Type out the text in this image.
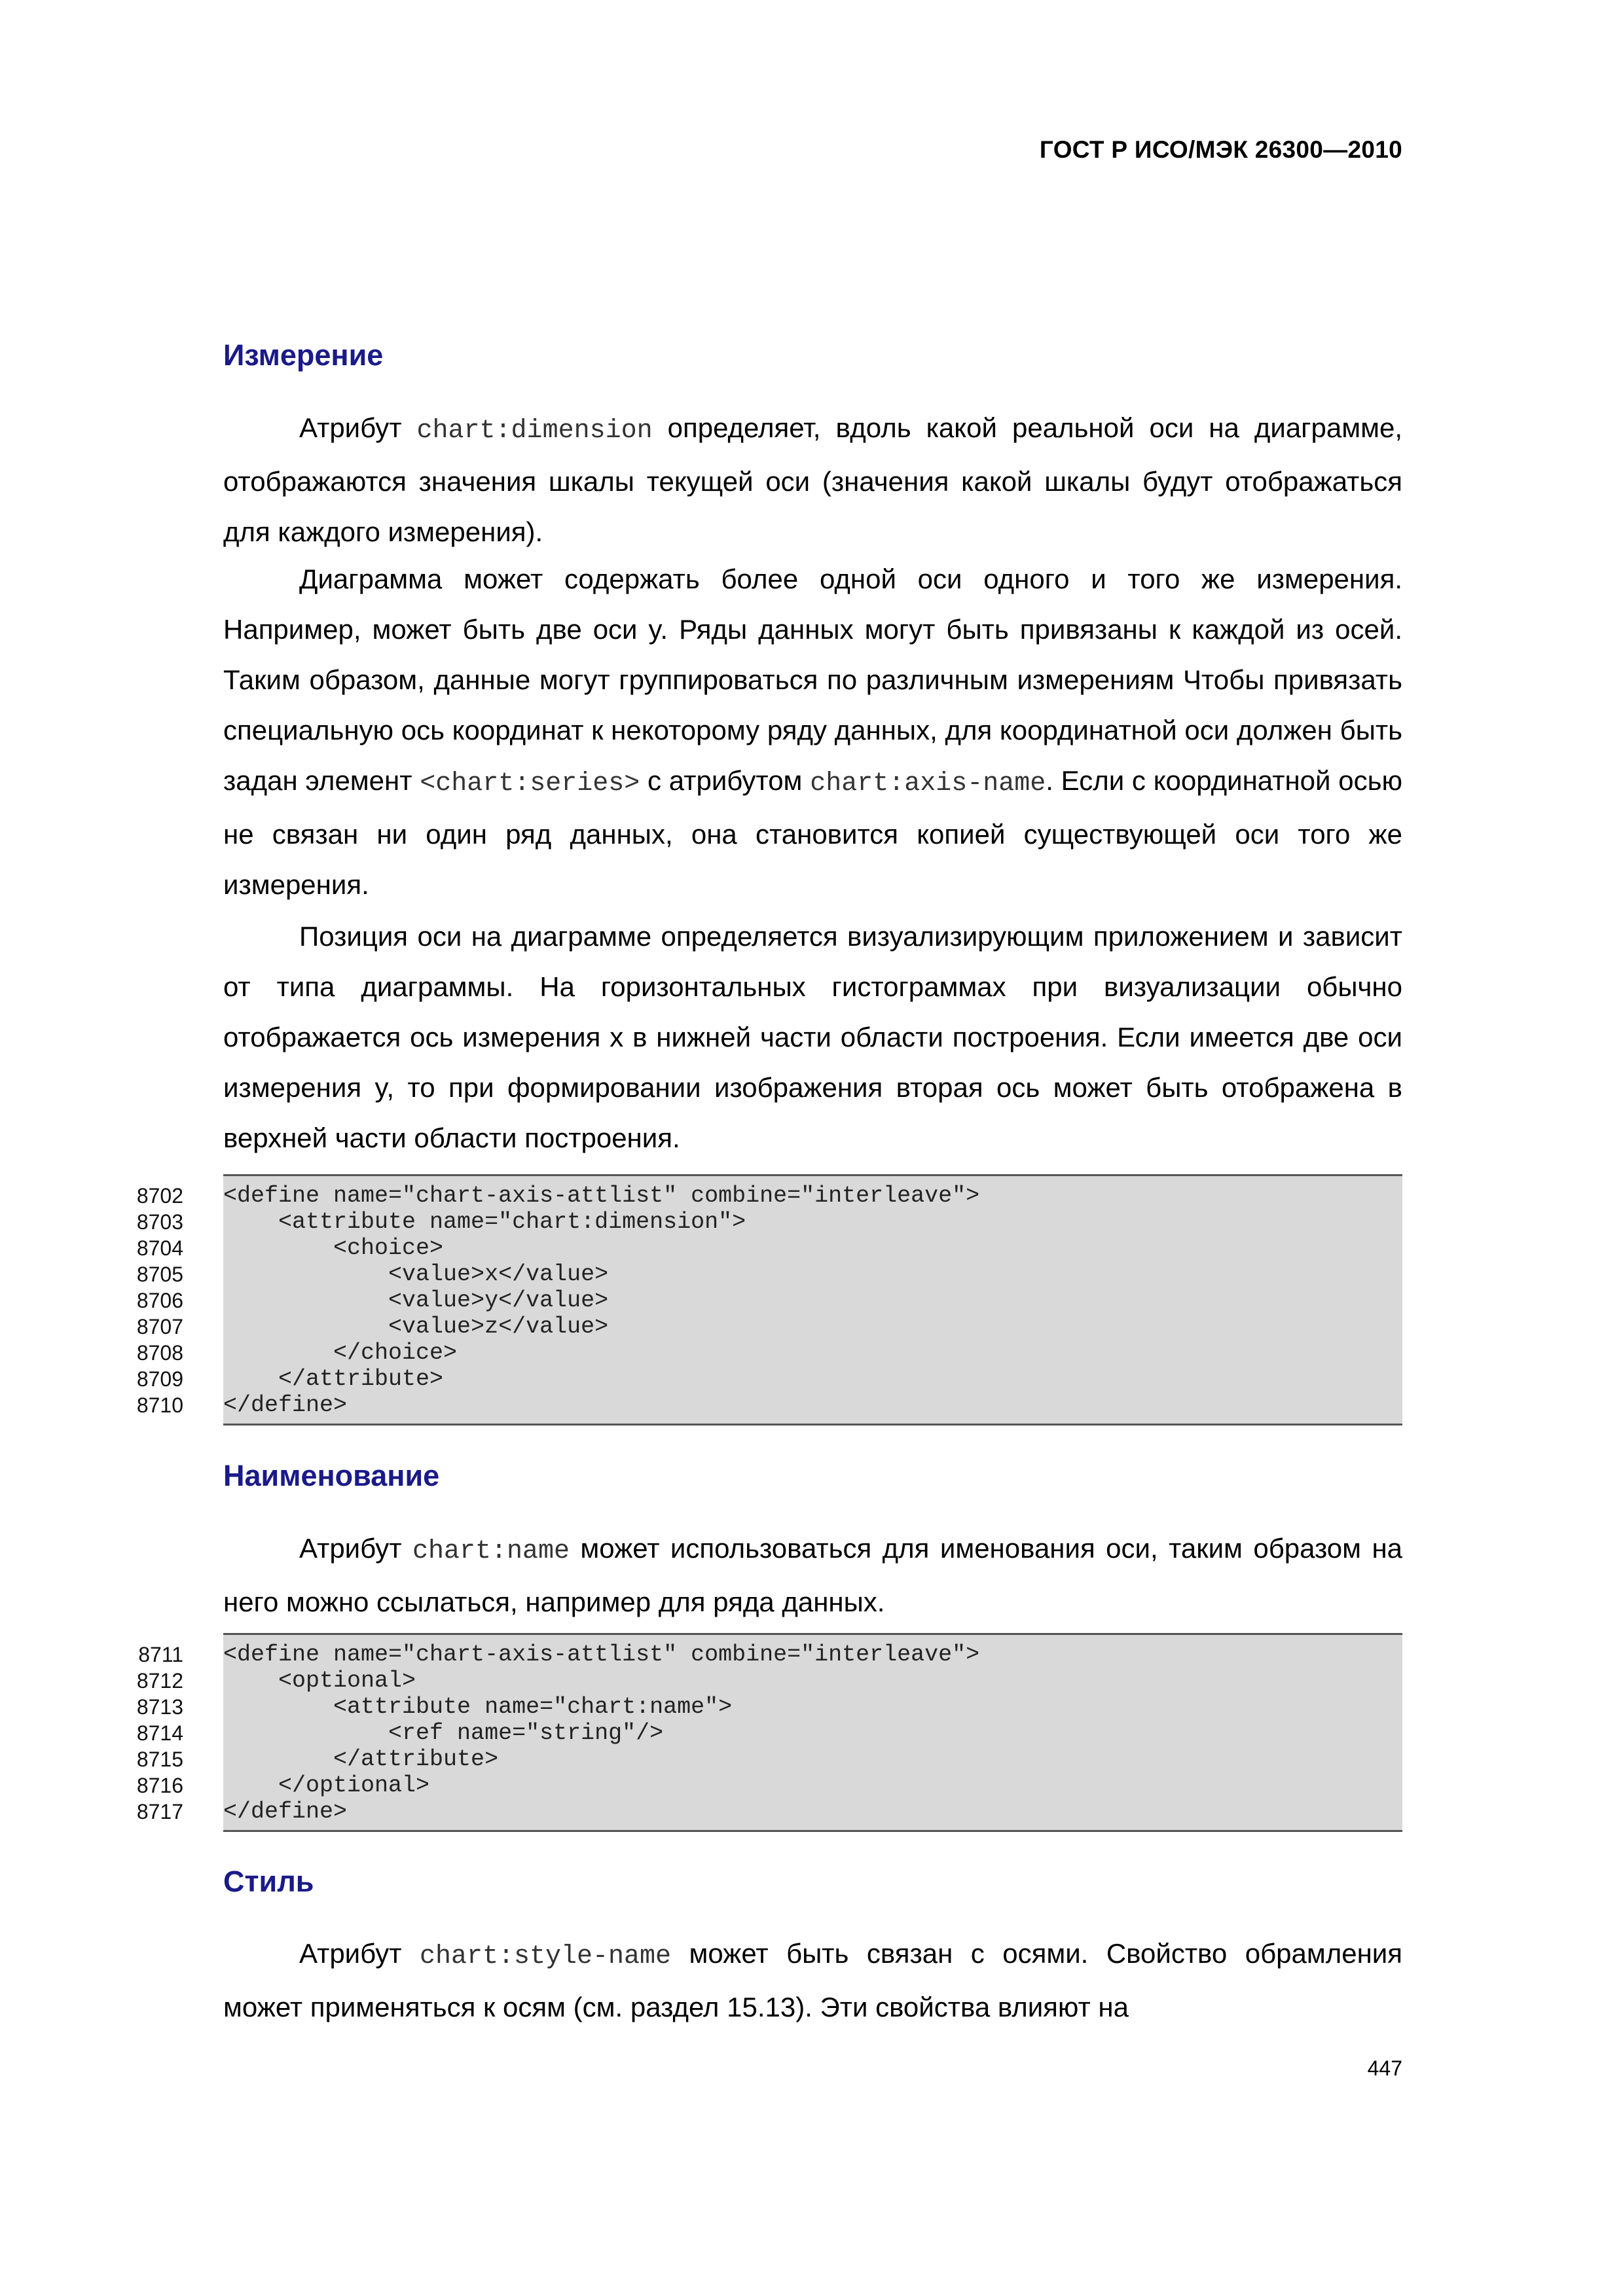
ГОСТ Р ИСО/МЭК 26300—2010
Измерение

Атрибут chart:dimension определяет, вдоль какой реальной оси на диаграмме, отображаются значения шкалы текущей оси (значения какой шкалы будут отображаться для каждого измерения).

Диаграмма может содержать более одной оси одного и того же измерения. Например, может быть две оси y. Ряды данных могут быть привязаны к каждой из осей. Таким образом, данные могут группироваться по различным измерениям Чтобы привязать специальную ось координат к некоторому ряду данных, для координатной оси должен быть задан элемент <chart:series> с атрибутом chart:axis-name. Если с координатной осью не связан ни один ряд данных, она становится копией существующей оси того же измерения.

Позиция оси на диаграмме определяется визуализирующим приложением и зависит от типа диаграммы. На горизонтальных гистограммах при визуализации обычно отображается ось измерения x в нижней части области построения. Если имеется две оси измерения y, то при формировании изображения вторая ось может быть отображена в верхней части области построения.

8702
8703
8704
8705
8706
8707
8708
8709
8710
<define name="chart-axis-attlist" combine="interleave">
<attribute name="chart:dimension">
<choice>
<value>x</value>
<value>y</value>
<value>z</value>
</choice>
</attribute>
</define>
Наименование

Атрибут chart:name может использоваться для именования оси, таким образом на него можно ссылаться, например для ряда данных.

8711
8712
8713
8714
8715
8716
8717
<define name="chart-axis-attlist" combine="interleave">
<optional>
<attribute name="chart:name">
<ref name="string"/>
</attribute>
</optional>
</define>
Стиль

Атрибут chart:style-name может быть связан с осями. Свойство обрамления может применяться к осям (см. раздел 15.13). Эти свойства влияют на

447
